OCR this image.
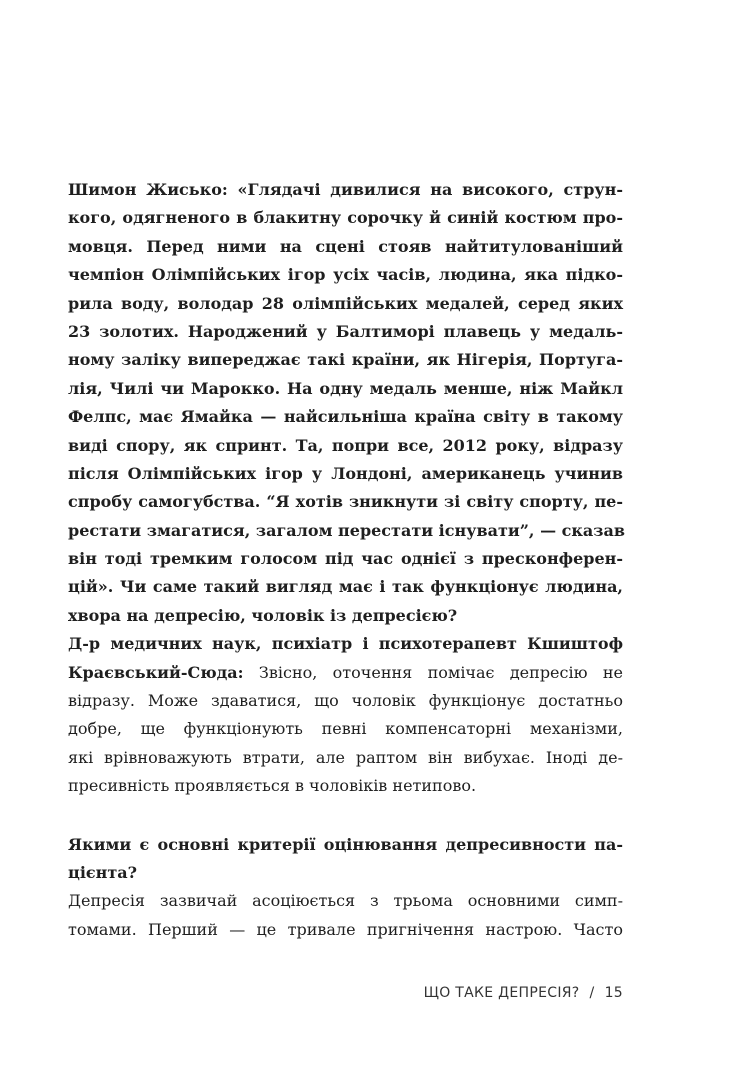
Шимон Жисько: «Глядачі дивилися на високого, струн-
кого, одягненого в блакитну сорочку й синій костюм про-
мовця. Перед ними на сцені стояв найтитулованіший
чемпіон Олімпійських ігор усіх часів, людина, яка підко-
рила воду, володар 28 олімпійських медалей, серед яких
23 золотих. Народжений у Балтиморі плавець у медаль-
ному заліку випереджає такі країни, як Нігерія, Португа-
лія, Чилі чи Марокко. На одну медаль менше, ніж Майкл
Фелпс, має Ямайка — найсильніша країна світу в такому
виді спору, як спринт. Та, попри все, 2012 року, відразу
після Олімпійських ігор у Лондоні, американець учинив
спробу самогубства. “Я хотів зникнути зі світу спорту, пе-
рестати змагатися, загалом перестати існувати”, — сказав
він тоді тремким голосом під час однієї з пресконферен-
цій». Чи саме такий вигляд має і так функціонує людина,
хвора на депресію, чоловік із депресією?
Д-р медичних наук, психіатр і психотерапевт Кшиштоф
Краєвський-Сюда: Звісно, оточення помічає депресію не
відразу. Може здаватися, що чоловік функціонує достатньо
добре, ще функціонують певні компенсаторні механізми,
які врівноважують втрати, але раптом він вибухає. Іноді де-
пресивність проявляється в чоловіків нетипово.
Якими є основні критерії оцінювання депресивности па-
цієнта?
Депресія зазвичай асоціюється з трьома основними симп-
томами. Перший — це тривале пригнічення настрою. Часто
ЩО ТАКЕ ДЕПРЕСІЯ? / 15
